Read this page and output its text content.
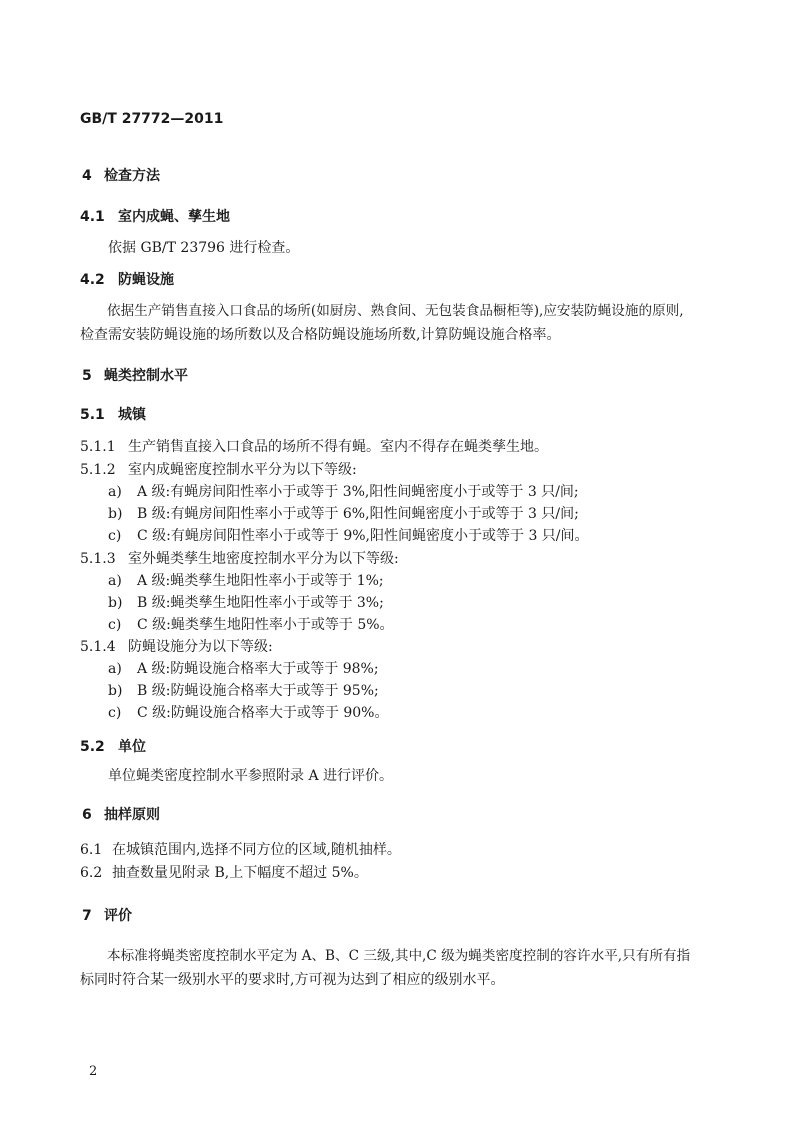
GB/T 27772—2011
4 检查方法
4.1 室内成蝇、孳生地
依据 GB/T 23796 进行检查。
4.2 防蝇设施
依据生产销售直接入口食品的场所(如厨房、熟食间、无包装食品橱柜等),应安装防蝇设施的原则,
检查需安装防蝇设施的场所数以及合格防蝇设施场所数,计算防蝇设施合格率。
5 蝇类控制水平
5.1 城镇
5.1.1 生产销售直接入口食品的场所不得有蝇。室内不得存在蝇类孳生地。
5.1.2 室内成蝇密度控制水平分为以下等级:
a) A 级:有蝇房间阳性率小于或等于 3%,阳性间蝇密度小于或等于 3 只/间;
b) B 级:有蝇房间阳性率小于或等于 6%,阳性间蝇密度小于或等于 3 只/间;
c) C 级:有蝇房间阳性率小于或等于 9%,阳性间蝇密度小于或等于 3 只/间。
5.1.3 室外蝇类孳生地密度控制水平分为以下等级:
a) A 级:蝇类孳生地阳性率小于或等于 1%;
b) B 级:蝇类孳生地阳性率小于或等于 3%;
c) C 级:蝇类孳生地阳性率小于或等于 5%。
5.1.4 防蝇设施分为以下等级:
a) A 级:防蝇设施合格率大于或等于 98%;
b) B 级:防蝇设施合格率大于或等于 95%;
c) C 级:防蝇设施合格率大于或等于 90%。
5.2 单位
单位蝇类密度控制水平参照附录 A 进行评价。
6 抽样原则
6.1 在城镇范围内,选择不同方位的区域,随机抽样。
6.2 抽查数量见附录 B,上下幅度不超过 5%。
7 评价
本标准将蝇类密度控制水平定为 A、B、C 三级,其中,C 级为蝇类密度控制的容许水平,只有所有指
标同时符合某一级别水平的要求时,方可视为达到了相应的级别水平。
2
